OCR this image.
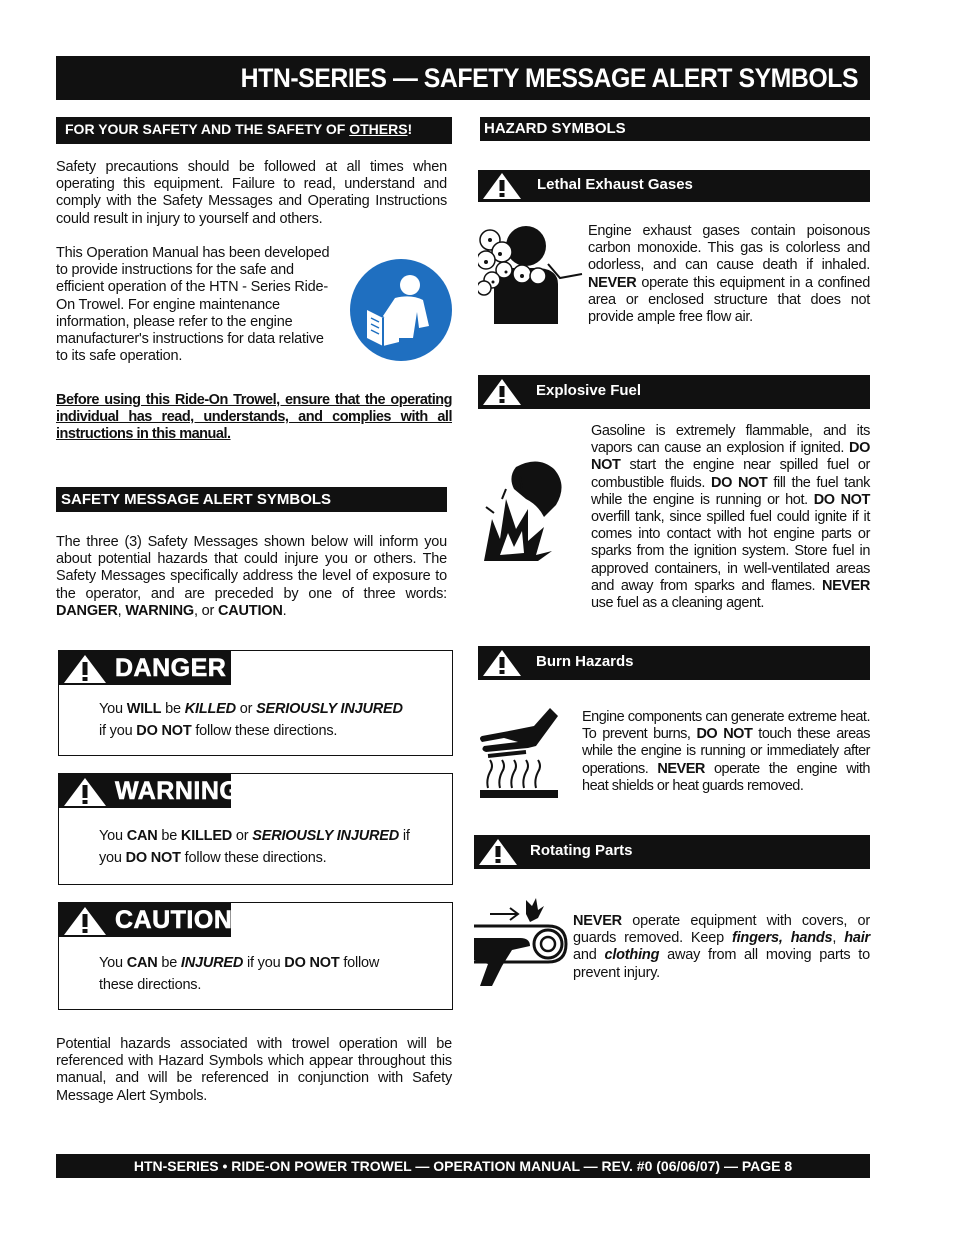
HTN-SERIES — SAFETY MESSAGE ALERT SYMBOLS
FOR YOUR SAFETY AND THE SAFETY OF OTHERS!
Safety precautions should be followed at all times when operating this equipment. Failure to read, understand and comply with the Safety Messages and Operating Instructions could result in injury to yourself and others.
This Operation Manual has been developed to provide instructions for the safe and efficient operation of the HTN - Series Ride-On Trowel. For engine maintenance information, please refer to the engine manufacturer's instructions for data relative to its safe operation.
Before using this Ride-On Trowel, ensure that the operating individual has read, understands, and complies with all instructions in this manual.
SAFETY MESSAGE ALERT SYMBOLS
The three (3) Safety Messages shown below will inform you about potential hazards that could injure you or others. The Safety Messages specifically address the level of exposure to the operator, and are preceded by one of three words: DANGER, WARNING, or CAUTION.
DANGER
You WILL be KILLED or SERIOUSLY INJURED
if you DO NOT follow these directions.
WARNING
You CAN be KILLED or SERIOUSLY INJURED if
you DO NOT follow these directions.
CAUTION
You CAN be INJURED if you DO NOT follow
these directions.
Potential hazards associated with trowel operation will be referenced with Hazard Symbols which appear throughout this manual, and will be referenced in conjunction with Safety Message Alert Symbols.
HAZARD SYMBOLS
Lethal Exhaust Gases
Engine exhaust gases contain poisonous carbon monoxide. This gas is colorless and odorless, and can cause death if inhaled. NEVER operate this equipment in a confined area or enclosed structure that does not provide ample free flow air.
Explosive Fuel
Gasoline is extremely flammable, and its vapors can cause an explosion if ignited. DO NOT start the engine near spilled fuel or combustible fluids. DO NOT fill the fuel tank while the engine is running or hot. DO NOT overfill tank, since spilled fuel could ignite if it comes into contact with hot engine parts or sparks from the ignition system. Store fuel in approved containers, in well-ventilated areas and away from sparks and flames. NEVER use fuel as a cleaning agent.
Burn Hazards
Engine components can generate extreme heat. To prevent burns, DO NOT touch these areas while the engine is running or immediately after operations. NEVER operate the engine with heat shields or heat guards removed.
Rotating Parts
NEVER operate equipment with covers, or guards removed. Keep fingers, hands, hair and clothing away from all moving parts to prevent injury.
HTN-SERIES • RIDE-ON POWER TROWEL — OPERATION MANUAL — REV. #0 (06/06/07) — PAGE 8
